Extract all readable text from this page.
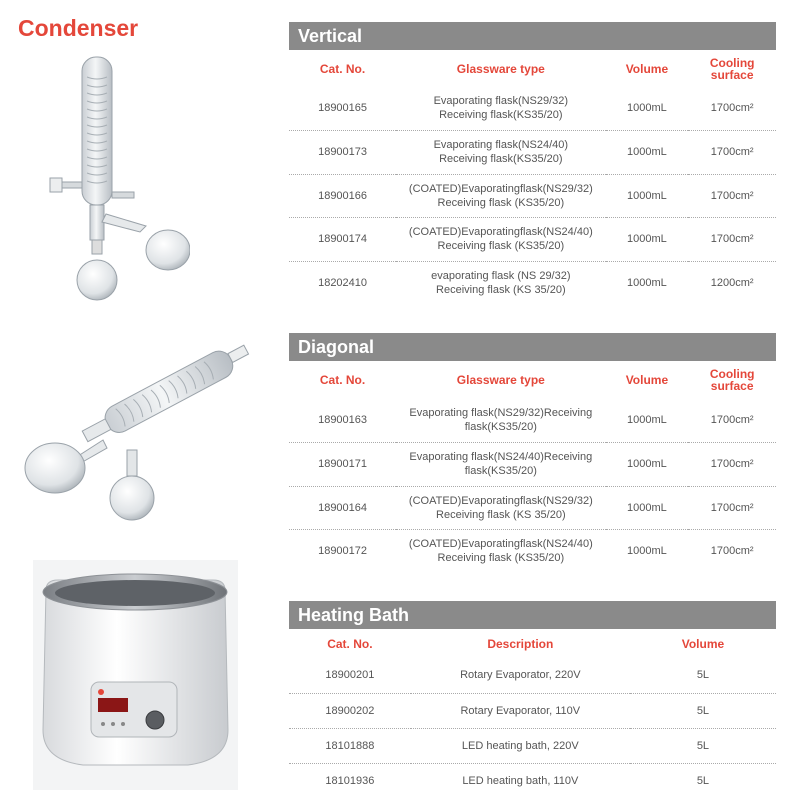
Condenser	Vertical
Cat. No.	Glassware type	Volume	Cooling surface
18900165	Evaporating flask(NS29/32)
Receiving flask(KS35/20)	1000mL	1700cm²
18900173	Evaporating flask(NS24/40)
Receiving flask(KS35/20)	1000mL	1700cm²
18900166	(COATED)Evaporatingflask(NS29/32)
Receiving flask (KS35/20)	1000mL	1700cm²
18900174	(COATED)Evaporatingflask(NS24/40)
Receiving flask (KS35/20)	1000mL	1700cm²
18202410	evaporating flask (NS 29/32)
Receiving flask (KS 35/20)	1000mL	1200cm²
Diagonal
Cat. No.	Glassware type	Volume	Cooling surface
18900163	Evaporating flask(NS29/32)Receiving
flask(KS35/20)	1000mL	1700cm²
18900171	Evaporating flask(NS24/40)Receiving
flask(KS35/20)	1000mL	1700cm²
18900164	(COATED)Evaporatingflask(NS29/32)
Receiving flask (KS 35/20)	1000mL	1700cm²
18900172	(COATED)Evaporatingflask(NS24/40)
Receiving flask (KS35/20)	1000mL	1700cm²
Heating Bath
Cat. No.	Description	Volume
18900201	Rotary Evaporator, 220V	5L
18900202	Rotary Evaporator, 110V	5L
18101888	LED heating bath, 220V	5L
18101936	LED heating bath, 110V	5L
